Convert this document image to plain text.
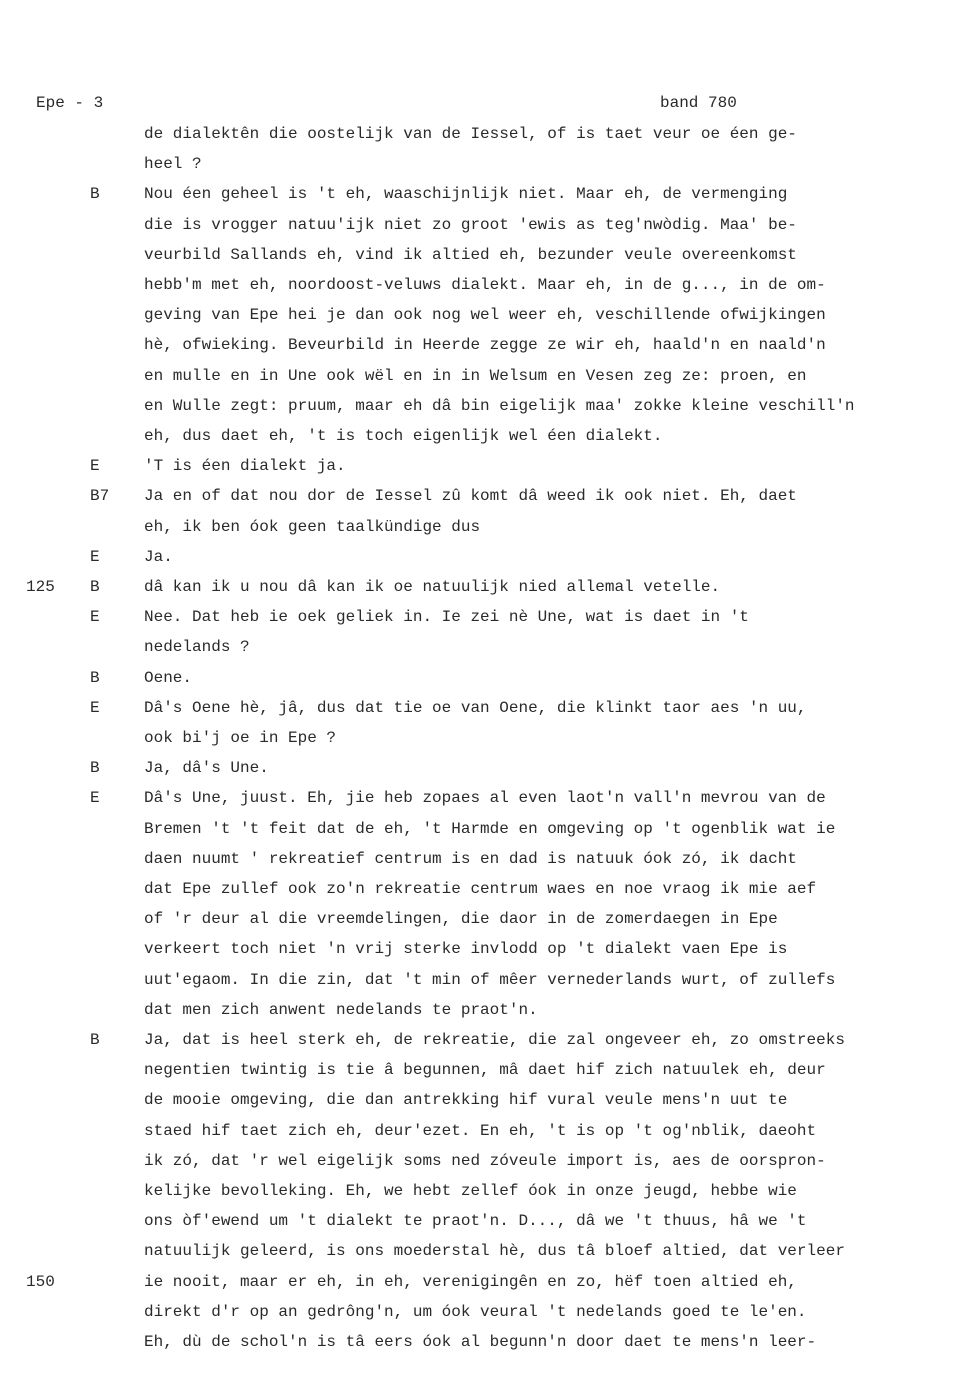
Epe - 3	band 780
de dialektên die oostelijk van de Iessel, of is taet veur oe éen ge-
heel ?
B	Nou éen geheel is 't eh, waaschijnlijk niet. Maar eh, de vermenging
die is vrogger natuu'ijk niet zo groot 'ewis as teg'nwòdig. Maa' be-
veurbild Sallands eh, vind ik altied eh, bezunder veule overeenkomst
hebb'm met eh, noordoost-veluws dialekt. Maar eh, in de g..., in de om-
geving van Epe hei je dan ook nog wel weer eh, veschillende ofwijkingen
hè, ofwieking. Beveurbild in Heerde zegge ze wir eh, haald'n en naald'n
en mulle en in Une ook wël en in in Welsum en Vesen zeg ze: proen, en
en Wulle zegt: pruum, maar eh dâ bin eigelijk maa' zokke kleine veschill'n
eh, dus daet eh, 't is toch eigenlijk wel éen dialekt.
E	'T is éen dialekt ja.
B7 Ja en of dat nou dor de Iessel zû komt dâ weed ik ook niet. Eh, daet
eh, ik ben óok geen taalkündige dus
E	Ja.
125 B	dâ kan ik u nou dâ kan ik oe natuulijk nied allemal vetelle.
E	Nee. Dat heb ie oek geliek in. Ie zei nè Une, wat is daet in 't
nedelands ?
B	Oene.
E	Dâ's Oene hè, jâ, dus dat tie oe van Oene, die klinkt taor aes 'n uu,
ook bi'j oe in Epe ?
B	Ja, dâ's Une.
E	Dâ's Une, juust. Eh, jie heb zopaes al even laot'n vall'n mevrou van de
Bremen 't 't feit dat de eh, 't Harmde en omgeving op 't ogenblik wat ie
daen nuumt ' rekreatief centrum is en dad is natuuk óok zó, ik dacht
dat Epe zullef ook zo'n rekreatie centrum waes en noe vraog ik mie aef
of 'r deur al die vreemdelingen, die daor in de zomerdaegen in Epe
verkeert toch niet 'n vrij sterke invlodd op 't dialekt vaen Epe is
uut'egaom. In die zin, dat 't min of mêer vernederlands wurt, of zullefs
dat men zich anwent nedelands te praot'n.
B	Ja, dat is heel sterk eh, de rekreatie, die zal ongeveer eh, zo omstreeks
negentien twintig is tie â begunnen, mâ daet hif zich natuulek eh, deur
de mooie omgeving, die dan antrekking hif vural veule mens'n uut te
staed hif taet zich eh, deur'ezet. En eh, 't is op 't og'nblik, daeoht
ik zó, dat 'r wel eigelijk soms ned zóveule import is, aes de oorspron-
kelijke bevolleking. Eh, we hebt zellef óok in onze jeugd, hebbe wie
ons òf'ewend um 't dialekt te praot'n. D..., dâ we 't thuus, hâ we 't
natuulijk geleerd, is ons moederstal hè, dus tâ bloef altied, dat verleer
150	ie nooit, maar er eh, in eh, verenigingên en zo, hëf toen altied eh,
direkt d'r op an gedrông'n, um óok veural 't nedelands goed te le'en.
Eh, dù de schol'n is tâ eers óok al begunn'n door daet te mens'n leer-
